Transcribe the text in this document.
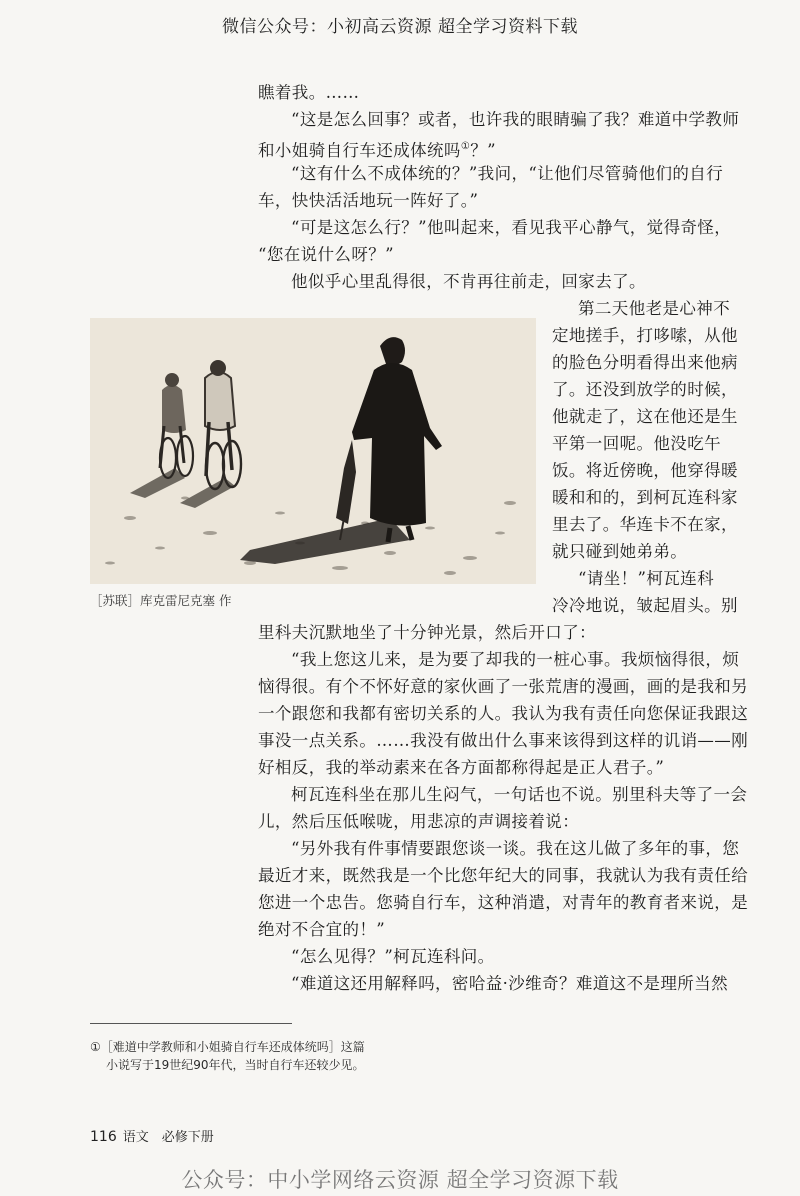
微信公众号：小初高云资源 超全学习资料下载
瞧着我。……
“这是怎么回事？或者，也许我的眼睛骗了我？难道中学教师
和小姐骑自行车还成体统吗①？”
“这有什么不成体统的？”我问，“让他们尽管骑他们的自行
车，快快活活地玩一阵好了。”
“可是这怎么行？”他叫起来，看见我平心静气，觉得奇怪，
“您在说什么呀？”
他似乎心里乱得很，不肯再往前走，回家去了。
［苏联］库克雷尼克塞 作
第二天他老是心神不
定地搓手，打哆嗦，从他
的脸色分明看得出来他病
了。还没到放学的时候，
他就走了，这在他还是生
平第一回呢。他没吃午
饭。将近傍晚，他穿得暖
暖和和的，到柯瓦连科家
里去了。华连卡不在家，
就只碰到她弟弟。
“请坐！”柯瓦连科
冷冷地说，皱起眉头。别
里科夫沉默地坐了十分钟光景，然后开口了：
“我上您这儿来，是为要了却我的一桩心事。我烦恼得很，烦
恼得很。有个不怀好意的家伙画了一张荒唐的漫画，画的是我和另
一个跟您和我都有密切关系的人。我认为我有责任向您保证我跟这
事没一点关系。……我没有做出什么事来该得到这样的讥诮——刚
好相反，我的举动素来在各方面都称得起是正人君子。”
柯瓦连科坐在那儿生闷气，一句话也不说。别里科夫等了一会
儿，然后压低喉咙，用悲凉的声调接着说：
“另外我有件事情要跟您谈一谈。我在这儿做了多年的事，您
最近才来，既然我是一个比您年纪大的同事，我就认为我有责任给
您进一个忠告。您骑自行车，这种消遣，对青年的教育者来说，是
绝对不合宜的！”
“怎么见得？”柯瓦连科问。
“难道这还用解释吗，密哈益·沙维奇？难道这不是理所当然
①［难道中学教师和小姐骑自行车还成体统吗］这篇
小说写于19世纪90年代，当时自行车还较少见。
116 语文　必修下册
公众号：中小学网络云资源 超全学习资源下载
